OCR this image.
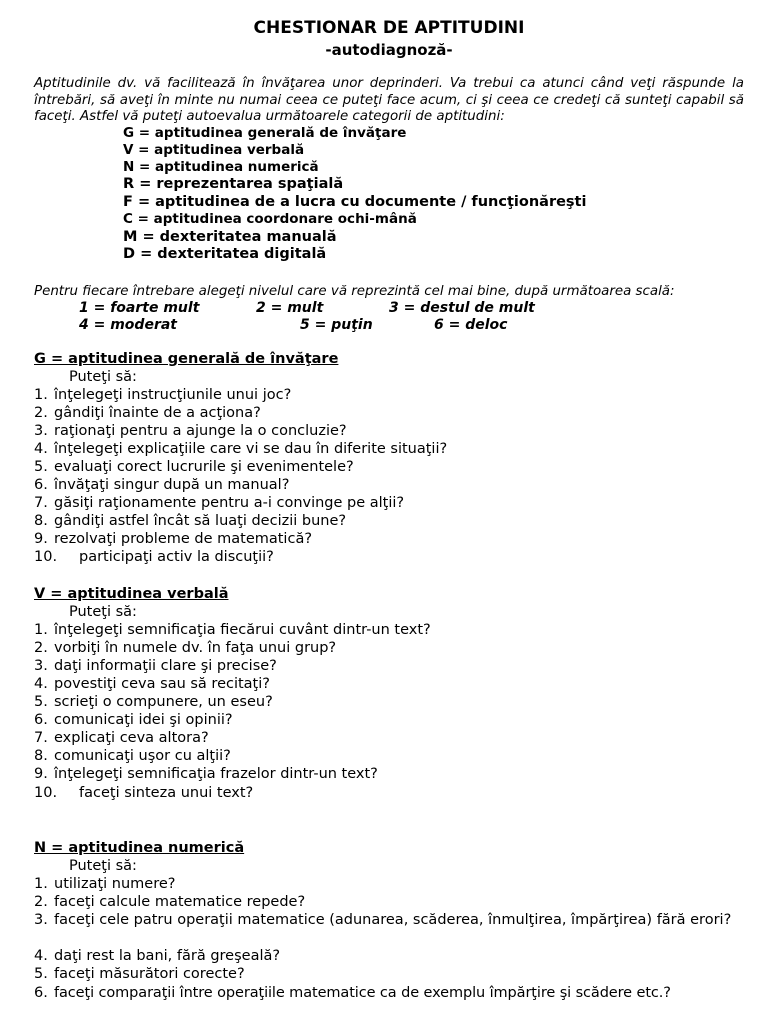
CHESTIONAR DE APTITUDINI
-autodiagnoză-

Aptitudinile dv. vă facilitează în învăţarea unor deprinderi. Va trebui ca atunci când veţi răspunde la întrebări, să aveţi în minte nu numai ceea ce puteţi face acum, ci şi ceea ce credeţi că sunteţi capabil să faceţi. Astfel vă puteţi autoevalua următoarele categorii de aptitudini:

G = aptitudinea generală de învăţare
V = aptitudinea verbală
N = aptitudinea numerică
R = reprezentarea spaţială
F = aptitudinea de a lucra cu documente / funcţionăreşti
C = aptitudinea coordonare ochi-mână
M = dexteritatea manuală
D = dexteritatea digitală
Pentru fiecare întrebare alegeţi nivelul care vă reprezintă cel mai bine, după următoarea scală:
1 = foarte mult	2 = mult	3 = destul de mult
4 = moderat	5 = puţin	6 = deloc
G = aptitudinea generală de învăţare
Puteţi să:
1. înţelegeţi instrucţiunile unui joc?
2. gândiţi înainte de a acţiona?
3. raţionaţi pentru a ajunge la o concluzie?
4. înţelegeţi explicaţiile care vi se dau în diferite situaţii?
5. evaluaţi corect lucrurile şi evenimentele?
6. învăţaţi singur după un manual?
7. găsiţi raţionamente pentru a-i convinge pe alţii?
8. gândiţi astfel încât să luaţi decizii bune?
9. rezolvaţi probleme de matematică?
10. participaţi activ la discuţii?
V = aptitudinea verbală
Puteţi să:
1. înţelegeţi semnificaţia fiecărui cuvânt dintr-un text?
2. vorbiţi în numele dv. în faţa unui grup?
3. daţi informaţii clare şi precise?
4. povestiţi ceva sau să recitaţi?
5. scrieţi o compunere, un eseu?
6. comunicaţi idei şi opinii?
7. explicaţi ceva altora?
8. comunicaţi uşor cu alţii?
9. înţelegeţi semnificaţia frazelor dintr-un text?
10. faceţi sinteza unui text?
N = aptitudinea numerică
Puteţi să:
1. utilizaţi numere?
2. faceţi calcule matematice repede?
3. faceţi cele patru operaţii matematice (adunarea, scăderea, înmulţirea, împărţirea) fără erori?
4. daţi rest la bani, fără greşeală?
5. faceţi măsurători corecte?
6. faceţi comparaţii între operaţiile matematice ca de exemplu împărţire şi scădere etc.?
